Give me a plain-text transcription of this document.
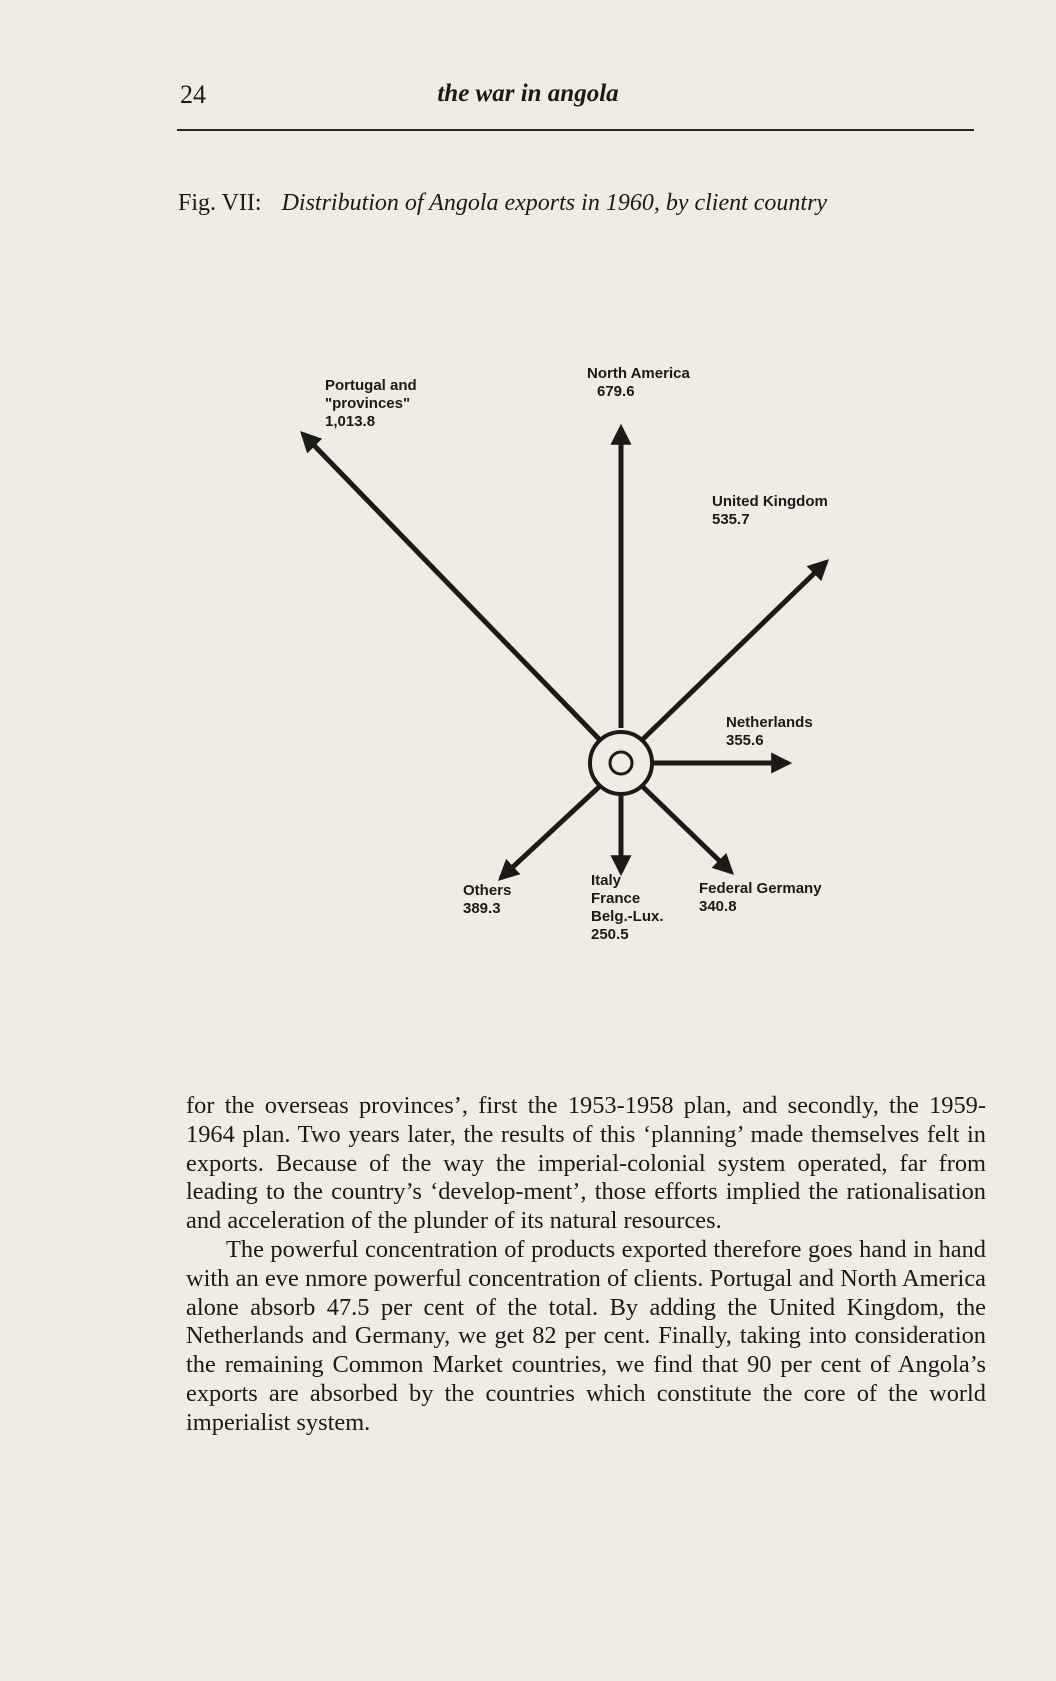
24	the war in angola
Fig. VII: Distribution of Angola exports in 1960, by client country
Portugal and
"provinces"
1,013.8
North America
679.6
United Kingdom
535.7
Netherlands
355.6
Federal Germany
340.8
Italy
France
Belg.-Lux.
250.5
Others
389.3

for the overseas provinces’, first the 1953-1958 plan, and secondly, the 1959-1964 plan. Two years later, the results of this ‘planning’ made themselves felt in exports. Because of the way the imperial-colonial system operated, far from leading to the country’s ‘develop-ment’, those efforts implied the rationalisation and acceleration of the plunder of its natural resources.

The powerful concentration of products exported therefore goes hand in hand with an eve nmore powerful concentration of clients. Portugal and North America alone absorb 47.5 per cent of the total. By adding the United Kingdom, the Netherlands and Germany, we get 82 per cent. Finally, taking into consideration the remaining Common Market countries, we find that 90 per cent of Angola’s exports are absorbed by the countries which constitute the core of the world imperialist system.
